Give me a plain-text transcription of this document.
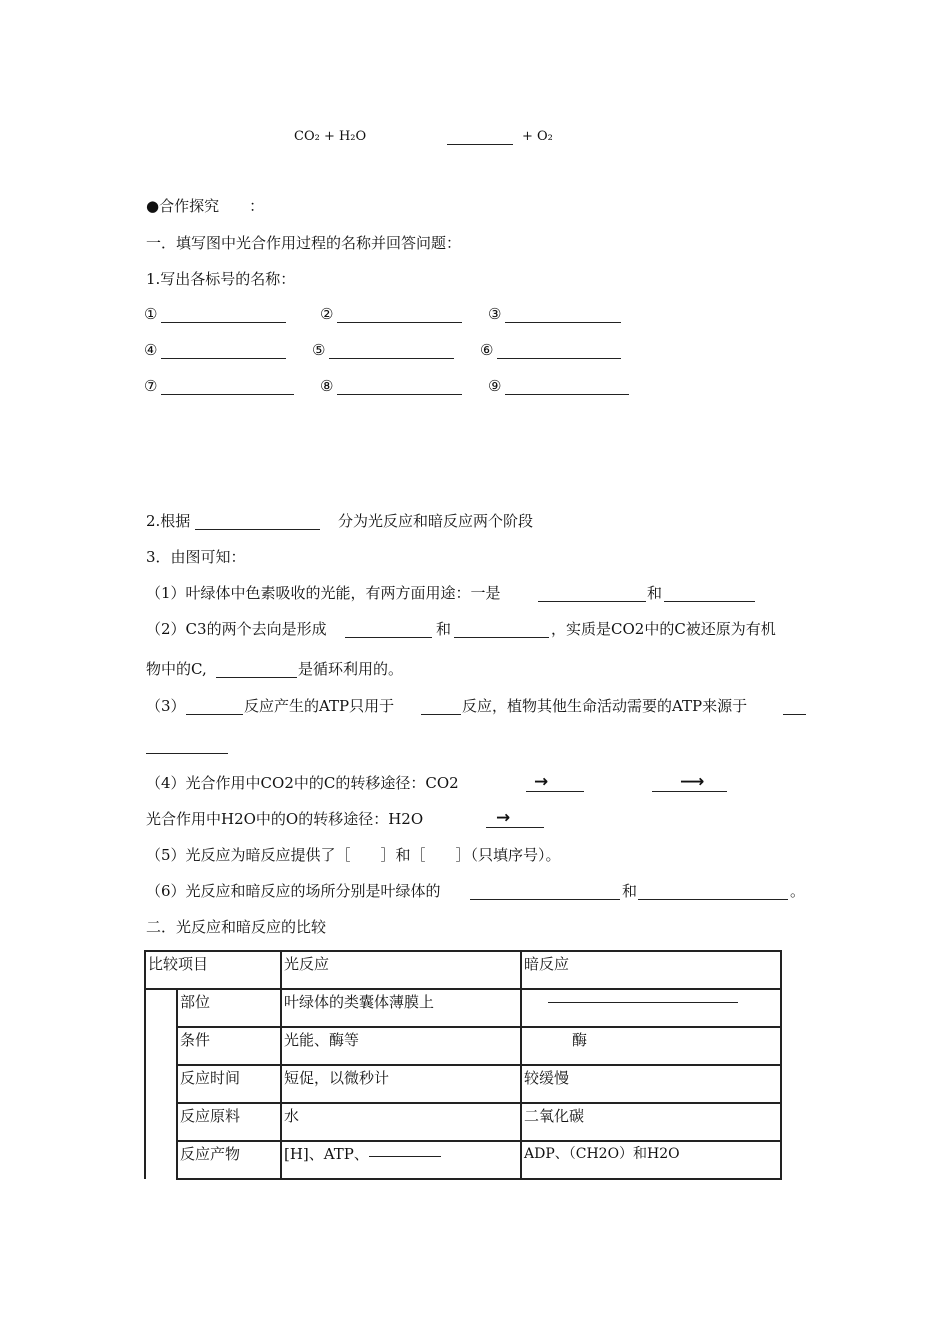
CO₂ + H₂O	+ O₂
●合作探究　　：
一．填写图中光合作用过程的名称并回答问题：
1.写出各标号的名称：
①	②	③
④	⑤	⑥
⑦	⑧	⑨
2.根据	分为光反应和暗反应两个阶段
3．由图可知：
（1）叶绿体中色素吸收的光能，有两方面用途：一是	和
（2）C3的两个去向是形成	和	，实质是CO2中的C被还原为有机
物中的C,	是循环利用的。
（3）	反应产生的ATP只用于	反应，植物其他生命活动需要的ATP来源于
（4）光合作用中CO2中的C的转移途径：CO2	→	⟶
光合作用中H2O中的O的转移途径：H2O	→
（5）光反应为暗反应提供了［　　］和［　　］（只填序号）。
（6）光反应和暗反应的场所分别是叶绿体的	和	。
二．光反应和暗反应的比较
比较项目		光反应	暗反应
	部位	叶绿体的类囊体薄膜上	
	条件	光能、酶等	酶
	反应时间	短促，以微秒计	较缓慢
	反应原料	水	二氧化碳
	反应产物	[H]、ATP、	ADP、（CH2O）和H2O
